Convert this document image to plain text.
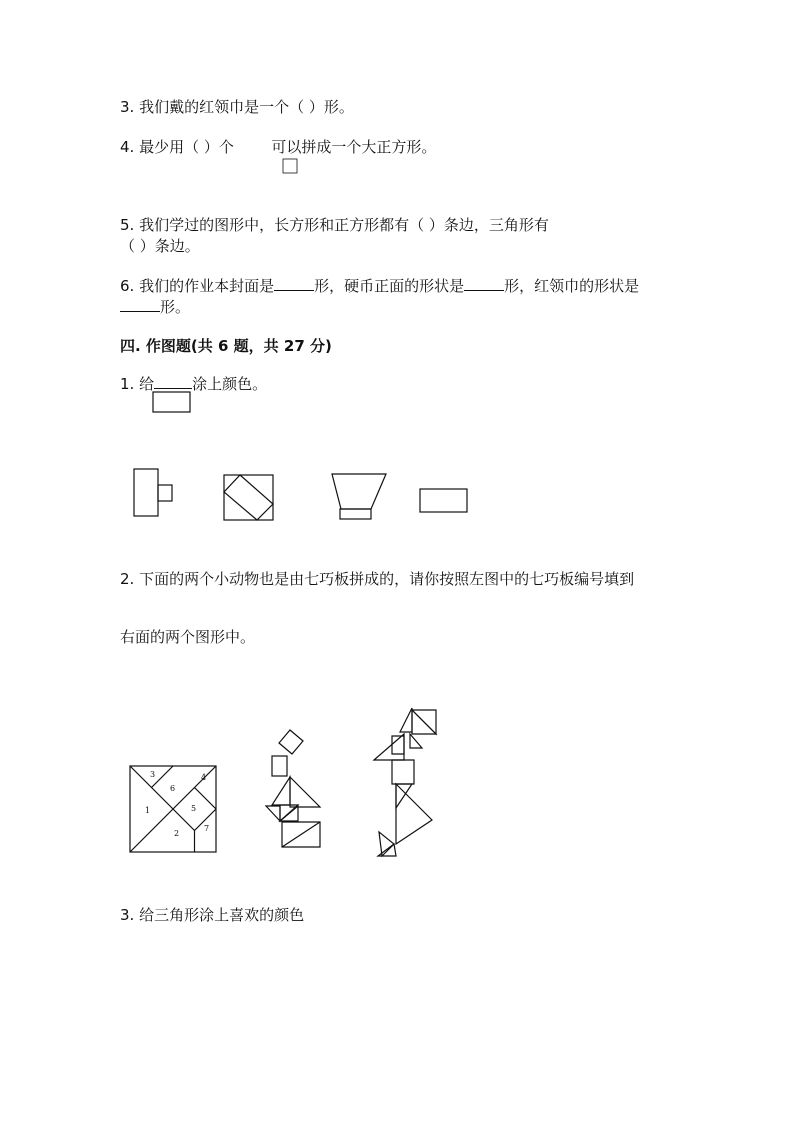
3. 我们戴的红领巾是一个（ ）形。
4. 最少用（ ）个	可以拼成一个大正方形。
5. 我们学过的图形中，长方形和正方形都有（ ）条边，三角形有
（ ）条边。
6. 我们的作业本封面是	形，硬币正面的形状是	形，红领巾的形状是
形。
四. 作图题(共 6 题，共 27 分)
1. 给	涂上颜色。
2. 下面的两个小动物也是由七巧板拼成的，请你按照左图中的七巧板编号填到
右面的两个图形中。
3
6
4
1	5
2
7
3. 给三角形涂上喜欢的颜色
